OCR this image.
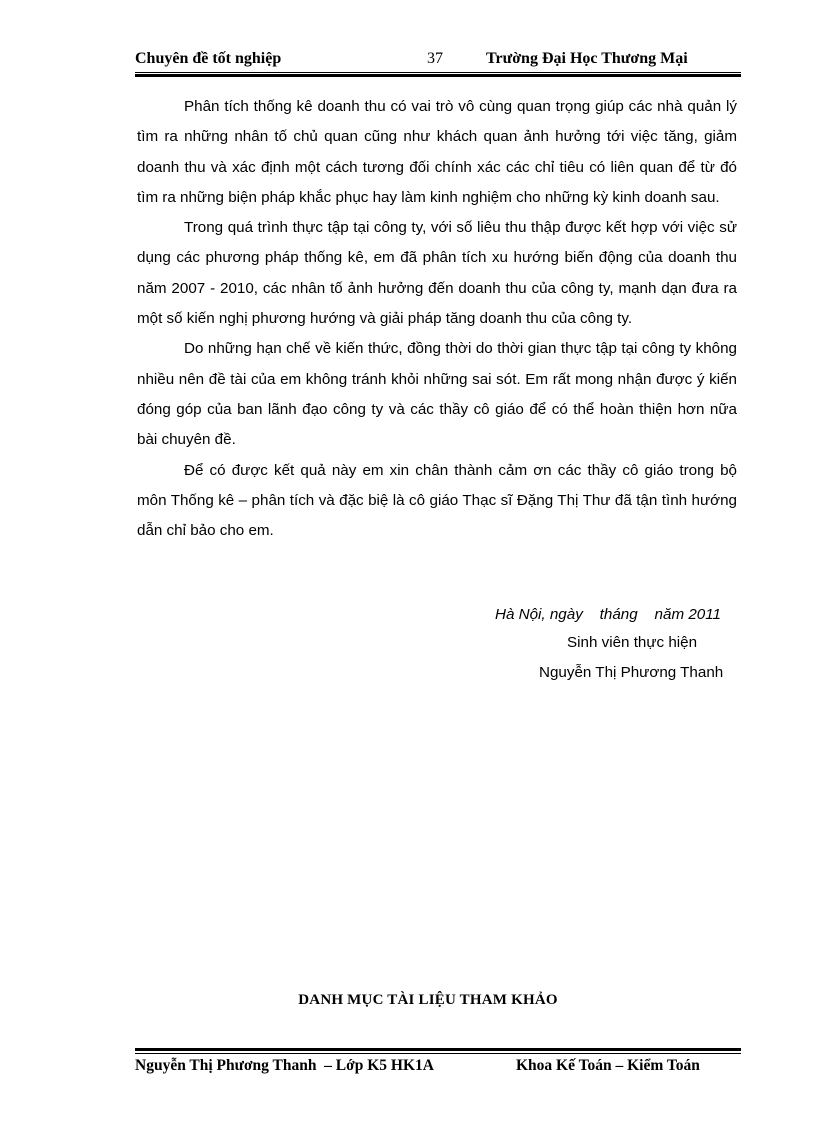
Chuyên đề tốt nghiệp	37	Trường Đại Học Thương Mại

Phân tích thống kê doanh thu có vai trò vô cùng quan trọng giúp các nhà quản lý tìm ra những nhân tố chủ quan cũng như khách quan ảnh hưởng tới việc tăng, giảm doanh thu và xác định một cách tương đối chính xác các chỉ tiêu có liên quan để từ đó tìm ra những biện pháp khắc phục hay làm kinh nghiệm cho những kỳ kinh doanh sau.

Trong quá trình thực tập tại công ty, với số liêu thu thập được kết hợp với việc sử dụng các phương pháp thống kê, em đã phân tích xu hướng biến động của doanh thu năm 2007 - 2010, các nhân tố ảnh hưởng đến doanh thu của công ty, mạnh dạn đưa ra một số kiến nghị phương hướng và giải pháp tăng doanh thu của công ty.

Do những hạn chế về kiến thức, đồng thời do thời gian thực tập tại công ty không nhiều nên đề tài của em không tránh khỏi những sai sót. Em rất mong nhận được ý kiến đóng góp của ban lãnh đạo công ty và các thầy cô giáo để có thể hoàn thiện hơn nữa bài chuyên đề.

Để có được kết quả này em xin chân thành cảm ơn các thầy cô giáo trong bộ môn Thống kê – phân tích và đặc biệ là cô giáo Thạc sĩ Đặng Thị Thư đã tận tình hướng dẫn chỉ bảo cho em.

Hà Nội, ngày    tháng    năm 2011
Sinh viên thực hiện
Nguyễn Thị Phương Thanh
DANH MỤC TÀI LIỆU THAM KHẢO
Nguyễn Thị Phương Thanh  – Lớp K5 HK1A	Khoa Kế Toán – Kiểm Toán
